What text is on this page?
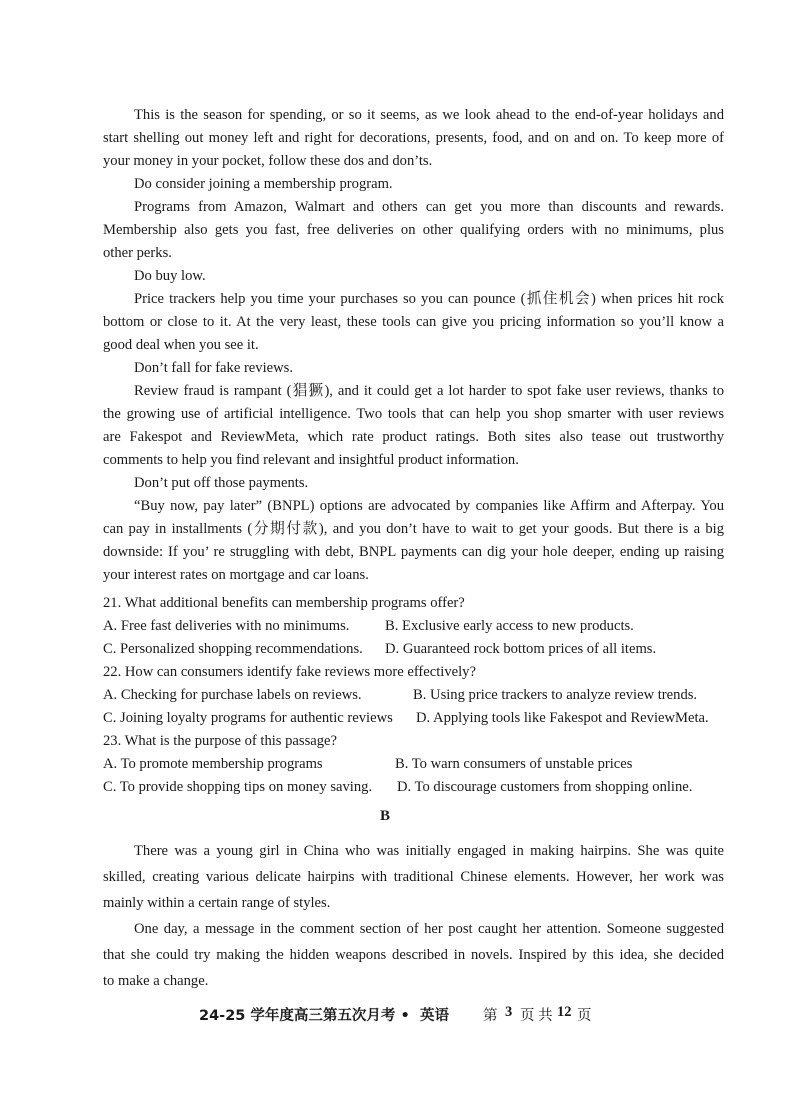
This is the season for spending, or so it seems, as we look ahead to the end-of-year holidays and
start shelling out money left and right for decorations, presents, food, and on and on. To keep more of
your money in your pocket, follow these dos and don’ts.
Do consider joining a membership program.
Programs from Amazon, Walmart and others can get you more than discounts and rewards.
Membership also gets you fast, free deliveries on other qualifying orders with no minimums, plus
other perks.
Do buy low.
Price trackers help you time your purchases so you can pounce (抓住机会) when prices hit rock
bottom or close to it. At the very least, these tools can give you pricing information so you’ll know a
good deal when you see it.
Don’t fall for fake reviews.
Review fraud is rampant (猖獗), and it could get a lot harder to spot fake user reviews, thanks to
the growing use of artificial intelligence. Two tools that can help you shop smarter with user reviews
are Fakespot and ReviewMeta, which rate product ratings. Both sites also tease out trustworthy
comments to help you find relevant and insightful product information.
Don’t put off those payments.
“Buy now, pay later” (BNPL) options are advocated by companies like Affirm and Afterpay. You
can pay in installments (分期付款), and you don’t have to wait to get your goods. But there is a big
downside: If you’ re struggling with debt, BNPL payments can dig your hole deeper, ending up raising
your interest rates on mortgage and car loans.
21. What additional benefits can membership programs offer?
A. Free fast deliveries with no minimums. B. Exclusive early access to new products.
C. Personalized shopping recommendations. D. Guaranteed rock bottom prices of all items.
22. How can consumers identify fake reviews more effectively?
A. Checking for purchase labels on reviews.	B. Using price trackers to analyze review trends.
C. Joining loyalty programs for authentic reviews D. Applying tools like Fakespot and ReviewMeta.
23. What is the purpose of this passage?
A. To promote membership programs	B. To warn consumers of unstable prices
C. To provide shopping tips on money saving. D. To discourage customers from shopping online.
B
There was a young girl in China who was initially engaged in making hairpins. She was quite
skilled, creating various delicate hairpins with traditional Chinese elements. However, her work was
mainly within a certain range of styles.
One day, a message in the comment section of her post caught her attention. Someone suggested
that she could try making the hidden weapons described in novels. Inspired by this idea, she decided
to make a change.
24-25 学年度高三第五次月考 • 英语 第 3 页 共 12 页
